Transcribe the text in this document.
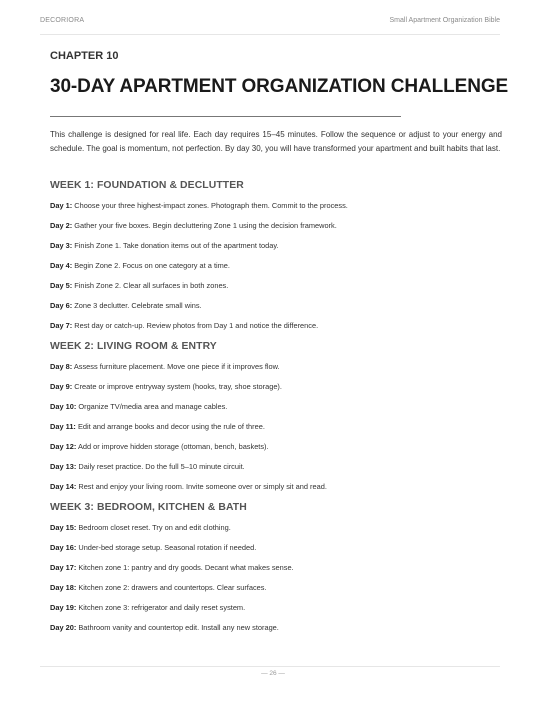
DECORIORA	Small Apartment Organization Bible
CHAPTER 10
30-DAY APARTMENT ORGANIZATION CHALLENGE
This challenge is designed for real life. Each day requires 15–45 minutes. Follow the sequence or adjust to your energy and schedule. The goal is momentum, not perfection. By day 30, you will have transformed your apartment and built habits that last.
WEEK 1: FOUNDATION & DECLUTTER
Day 1: Choose your three highest-impact zones. Photograph them. Commit to the process.
Day 2: Gather your five boxes. Begin decluttering Zone 1 using the decision framework.
Day 3: Finish Zone 1. Take donation items out of the apartment today.
Day 4: Begin Zone 2. Focus on one category at a time.
Day 5: Finish Zone 2. Clear all surfaces in both zones.
Day 6: Zone 3 declutter. Celebrate small wins.
Day 7: Rest day or catch-up. Review photos from Day 1 and notice the difference.
WEEK 2: LIVING ROOM & ENTRY
Day 8: Assess furniture placement. Move one piece if it improves flow.
Day 9: Create or improve entryway system (hooks, tray, shoe storage).
Day 10: Organize TV/media area and manage cables.
Day 11: Edit and arrange books and decor using the rule of three.
Day 12: Add or improve hidden storage (ottoman, bench, baskets).
Day 13: Daily reset practice. Do the full 5–10 minute circuit.
Day 14: Rest and enjoy your living room. Invite someone over or simply sit and read.
WEEK 3: BEDROOM, KITCHEN & BATH
Day 15: Bedroom closet reset. Try on and edit clothing.
Day 16: Under-bed storage setup. Seasonal rotation if needed.
Day 17: Kitchen zone 1: pantry and dry goods. Decant what makes sense.
Day 18: Kitchen zone 2: drawers and countertops. Clear surfaces.
Day 19: Kitchen zone 3: refrigerator and daily reset system.
Day 20: Bathroom vanity and countertop edit. Install any new storage.
— 26 —
